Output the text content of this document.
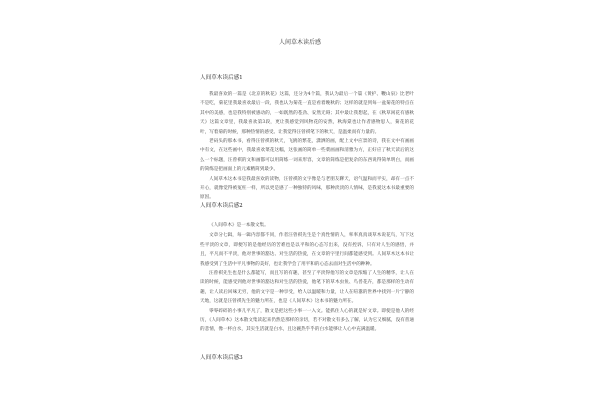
人间草木读后感
人间草木读后感1

我最喜欢的一篇是《北京的秋花》这篇，还分为4个篇，我认为最后一个篇《黄护、鞭山泉》比老叶不是吃，菊花里我最喜欢最后一段，我也认为菊花一直是看着晚秋的；这样的就是到每一盆菊花的特点在其中的美感，也是我特别被感动的，一如既然的苍劲、安然无碍；其中最让我想起，在《秋草闲花有感秋天》这篇文章里，我最喜欢第3段，更让我感觉到风物花的安然，秋海棠也让作者感物思人，菊花的花叶，写着菊的时候，那种热情的感受。让我觉得汪曾祺笔下的秋天，是温柔而有力量的。

老码头的那本书，看得汪曾祺的秋天，飞鸥的繁花，潇洒的画，配上文中应景的诗，我在文中有画画中有文，在这些画中，我最喜欢菜花这幅，这张画的简单一些菜画画和清雅为方，正好应了秋天读后的这么一个标题，汪曾祺的文和画都可以用简练一词来形容，文章的简练是把复杂的东西说得简单明白，而画的简练是把画面上的元素精简到最少。

人间草木这本书是我最喜欢的读物，汪曾祺的文字像是与老朋友聊天，语气温和而平实，却有一点不开心，就像觉得被冤枉一样，所以更是感了一种独特的风味，那种淡淡的人情味，是我爱这本书最重要的原因。

人间草木读后感2

《人间草木》是一本散文集。

文章分七辑，每一辑内容都不同，作者汪曾祺先生是个真性情的人，率率真真谈草木说花鸟，写下这些平淡的文章，即便写的是他经历的苦难也是以平和的心态写出来，没有控诉，只有对人生的感悟，并且，平凡而不平淡，他对世事的豁达、对生活的热爱，在文章的字里行间都能感受到。人间草木这本书让我感受到了生活中平凡事物的美好，也让我学会了用平和的心态去面对生活中的种种。

汪曾祺先生也是什么都能写，而且写的有趣，甚至了平淡得他写的文章是浓缩了人生的精华，让人在读的时候，能感受到他对世事的豁达和对生活的热爱，他笔下的草木虫鱼、鸟兽花卉，都是那样的生动有趣，让人读后回味无穷，他的文字是一种享受，给人以温暖和力量，让人在喧嚣的世界中找到一片宁静的天地，这就是汪曾祺先生的魅力所在，也是《人间草木》这本书的魅力所在。

零零碎碎的小事儿平凡了，散文是把这些小事一一入文。能抓住人心的就是好文章。即使是他人的经历，《人间草木》这本散文集读起来仍然是那样的亲切，若不对散文有多么了解，认为它又细腻，没有普通的悲情，像一杯白水，其实生活就是白水，且这碗热乎乎的白水能够让人心中充满温暖。

人间草木读后感3
